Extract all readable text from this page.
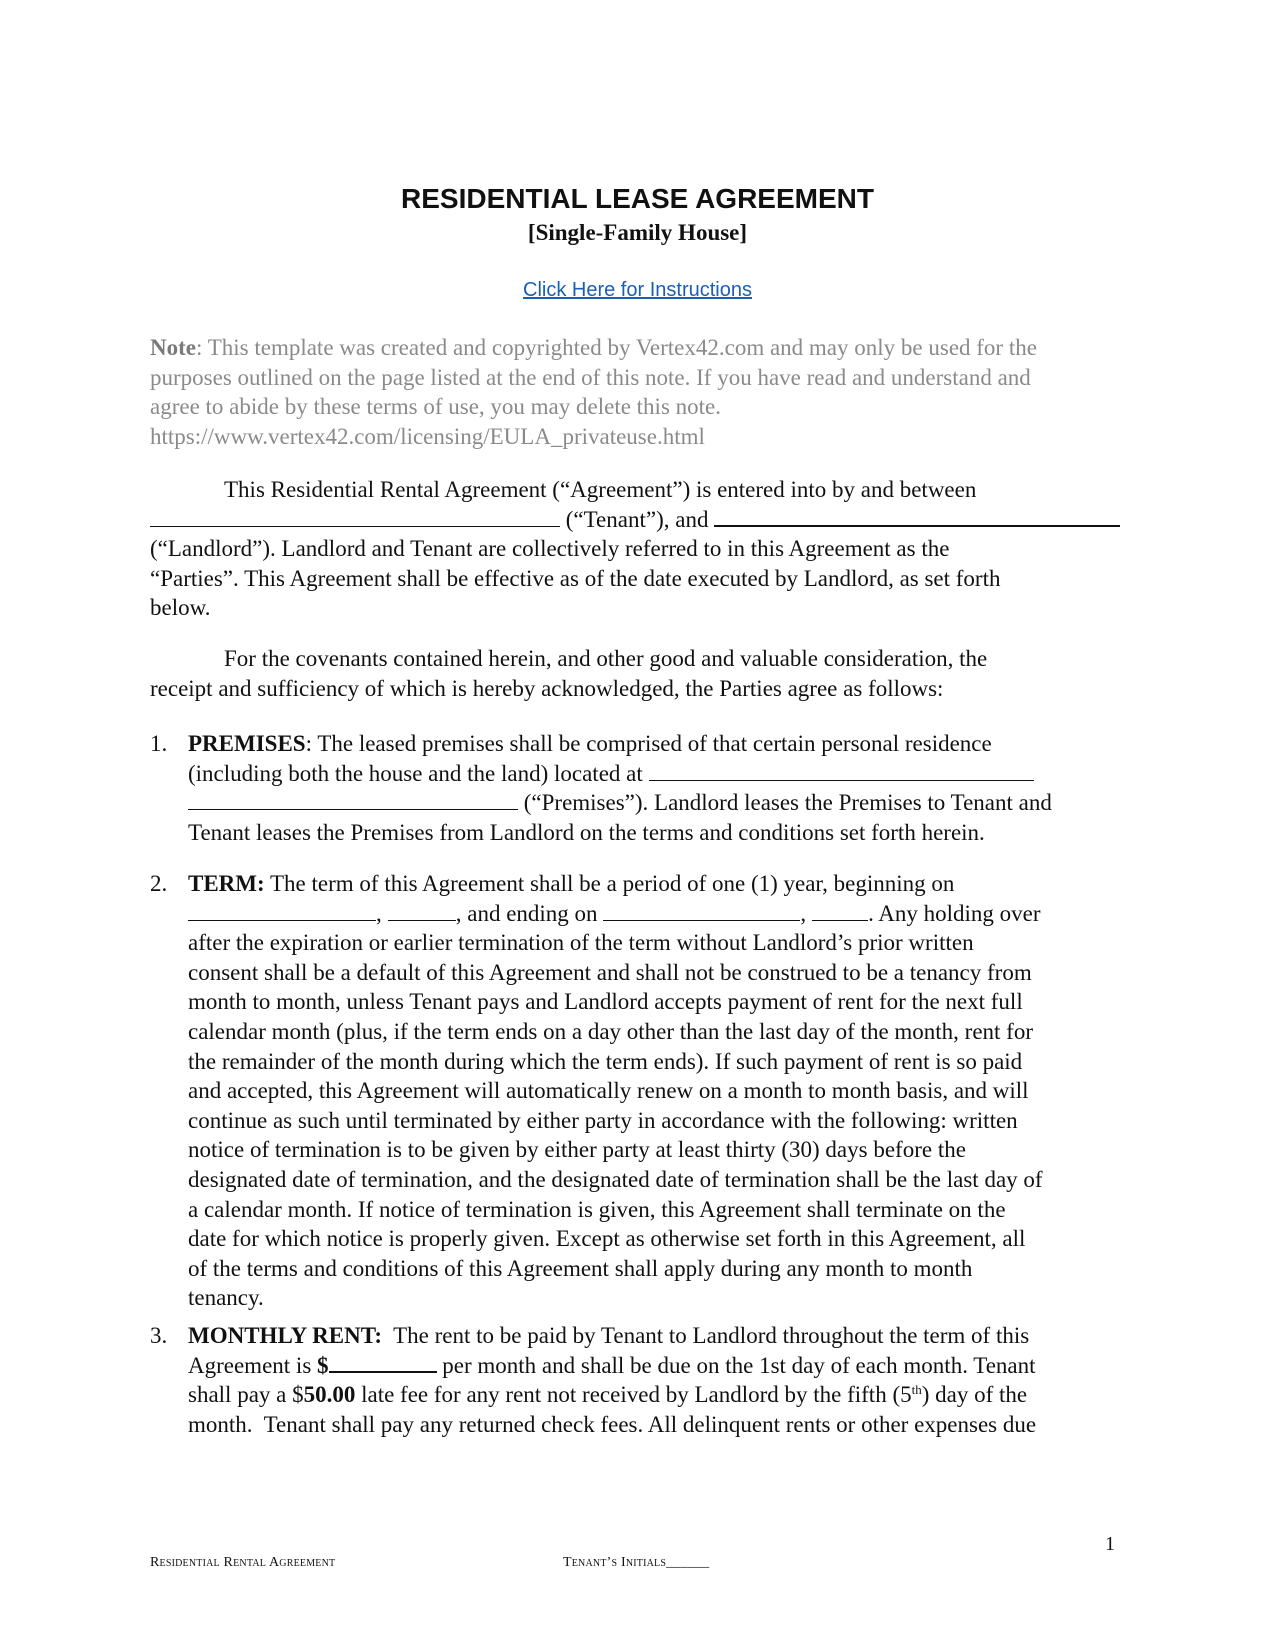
RESIDENTIAL LEASE AGREEMENT
[Single-Family House]
Click Here for Instructions
Note: This template was created and copyrighted by Vertex42.com and may only be used for the
purposes outlined on the page listed at the end of this note. If you have read and understand and
agree to abide by these terms of use, you may delete this note.
https://www.vertex42.com/licensing/EULA_privateuse.html
This Residential Rental Agreement (“Agreement”) is entered into by and between
(“Tenant”), and
(“Landlord”). Landlord and Tenant are collectively referred to in this Agreement as the
“Parties”. This Agreement shall be effective as of the date executed by Landlord, as set forth
below.
For the covenants contained herein, and other good and valuable consideration, the
receipt and sufficiency of which is hereby acknowledged, the Parties agree as follows:
1. PREMISES: The leased premises shall be comprised of that certain personal residence
(including both the house and the land) located at
(“Premises”). Landlord leases the Premises to Tenant and
Tenant leases the Premises from Landlord on the terms and conditions set forth herein.
2. TERM: The term of this Agreement shall be a period of one (1) year, beginning on
,	, and ending on	,	. Any holding over
after the expiration or earlier termination of the term without Landlord’s prior written
consent shall be a default of this Agreement and shall not be construed to be a tenancy from
month to month, unless Tenant pays and Landlord accepts payment of rent for the next full
calendar month (plus, if the term ends on a day other than the last day of the month, rent for
the remainder of the month during which the term ends). If such payment of rent is so paid
and accepted, this Agreement will automatically renew on a month to month basis, and will
continue as such until terminated by either party in accordance with the following: written
notice of termination is to be given by either party at least thirty (30) days before the
designated date of termination, and the designated date of termination shall be the last day of
a calendar month. If notice of termination is given, this Agreement shall terminate on the
date for which notice is properly given. Except as otherwise set forth in this Agreement, all
of the terms and conditions of this Agreement shall apply during any month to month
tenancy.
3. MONTHLY RENT:  The rent to be paid by Tenant to Landlord throughout the term of this
Agreement is $	per month and shall be due on the 1st day of each month. Tenant
shall pay a $50.00 late fee for any rent not received by Landlord by the fifth (5th) day of the
month.  Tenant shall pay any returned check fees. All delinquent rents or other expenses due
1
Residential Rental Agreement	Tenant’s Initials______
